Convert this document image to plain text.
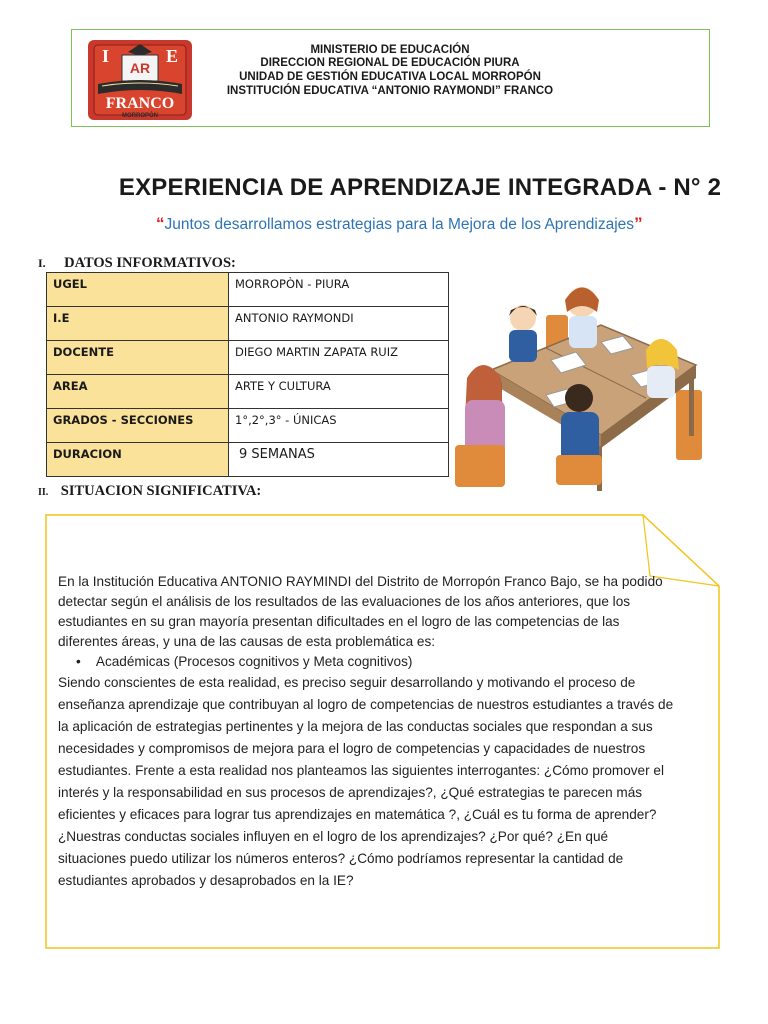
I	E
AR
FRANCO
MORROPÓN
MINISTERIO DE EDUCACIÓN
DIRECCION REGIONAL DE EDUCACIÓN PIURA
UNIDAD DE GESTIÓN EDUCATIVA LOCAL MORROPÓN
INSTITUCIÓN EDUCATIVA “ANTONIO RAYMONDI” FRANCO
EXPERIENCIA DE APRENDIZAJE INTEGRADA - N° 2
“Juntos desarrollamos estrategias para la Mejora de los Aprendizajes”
I. DATOS INFORMATIVOS:
UGEL	MORROPÒN - PIURA
I.E	ANTONIO RAYMONDI
DOCENTE	DIEGO MARTIN ZAPATA RUIZ
AREA	ARTE Y CULTURA
GRADOS - SECCIONES	1°,2°,3° - ÚNICAS
DURACION	9 SEMANAS
II. SITUACION SIGNIFICATIVA:
En la Institución Educativa ANTONIO RAYMINDI del Distrito de Morropón Franco Bajo, se ha podido detectar según el análisis de los resultados de las evaluaciones de los años anteriores, que los estudiantes en su gran mayoría presentan dificultades en el logro de las competencias de las diferentes áreas, y una de las causas de esta problemática es:
•    Académicas (Procesos cognitivos y Meta cognitivos)
Siendo conscientes de esta realidad, es preciso seguir desarrollando y motivando el proceso de enseñanza aprendizaje que contribuyan al logro de competencias de nuestros estudiantes a través de la aplicación de estrategias pertinentes y la mejora de las conductas sociales que respondan a sus necesidades y compromisos de mejora para el logro de competencias y capacidades de nuestros estudiantes. Frente a esta realidad nos planteamos las siguientes interrogantes: ¿Cómo promover el interés y la responsabilidad en sus procesos de aprendizajes?, ¿Qué estrategias te parecen más eficientes y eficaces para lograr tus aprendizajes en matemática ?, ¿Cuál es tu forma de aprender? ¿Nuestras conductas sociales influyen en el logro de los aprendizajes? ¿Por qué? ¿En qué situaciones puedo utilizar los números enteros? ¿Cómo podríamos representar la cantidad de estudiantes aprobados y desaprobados en la IE?
